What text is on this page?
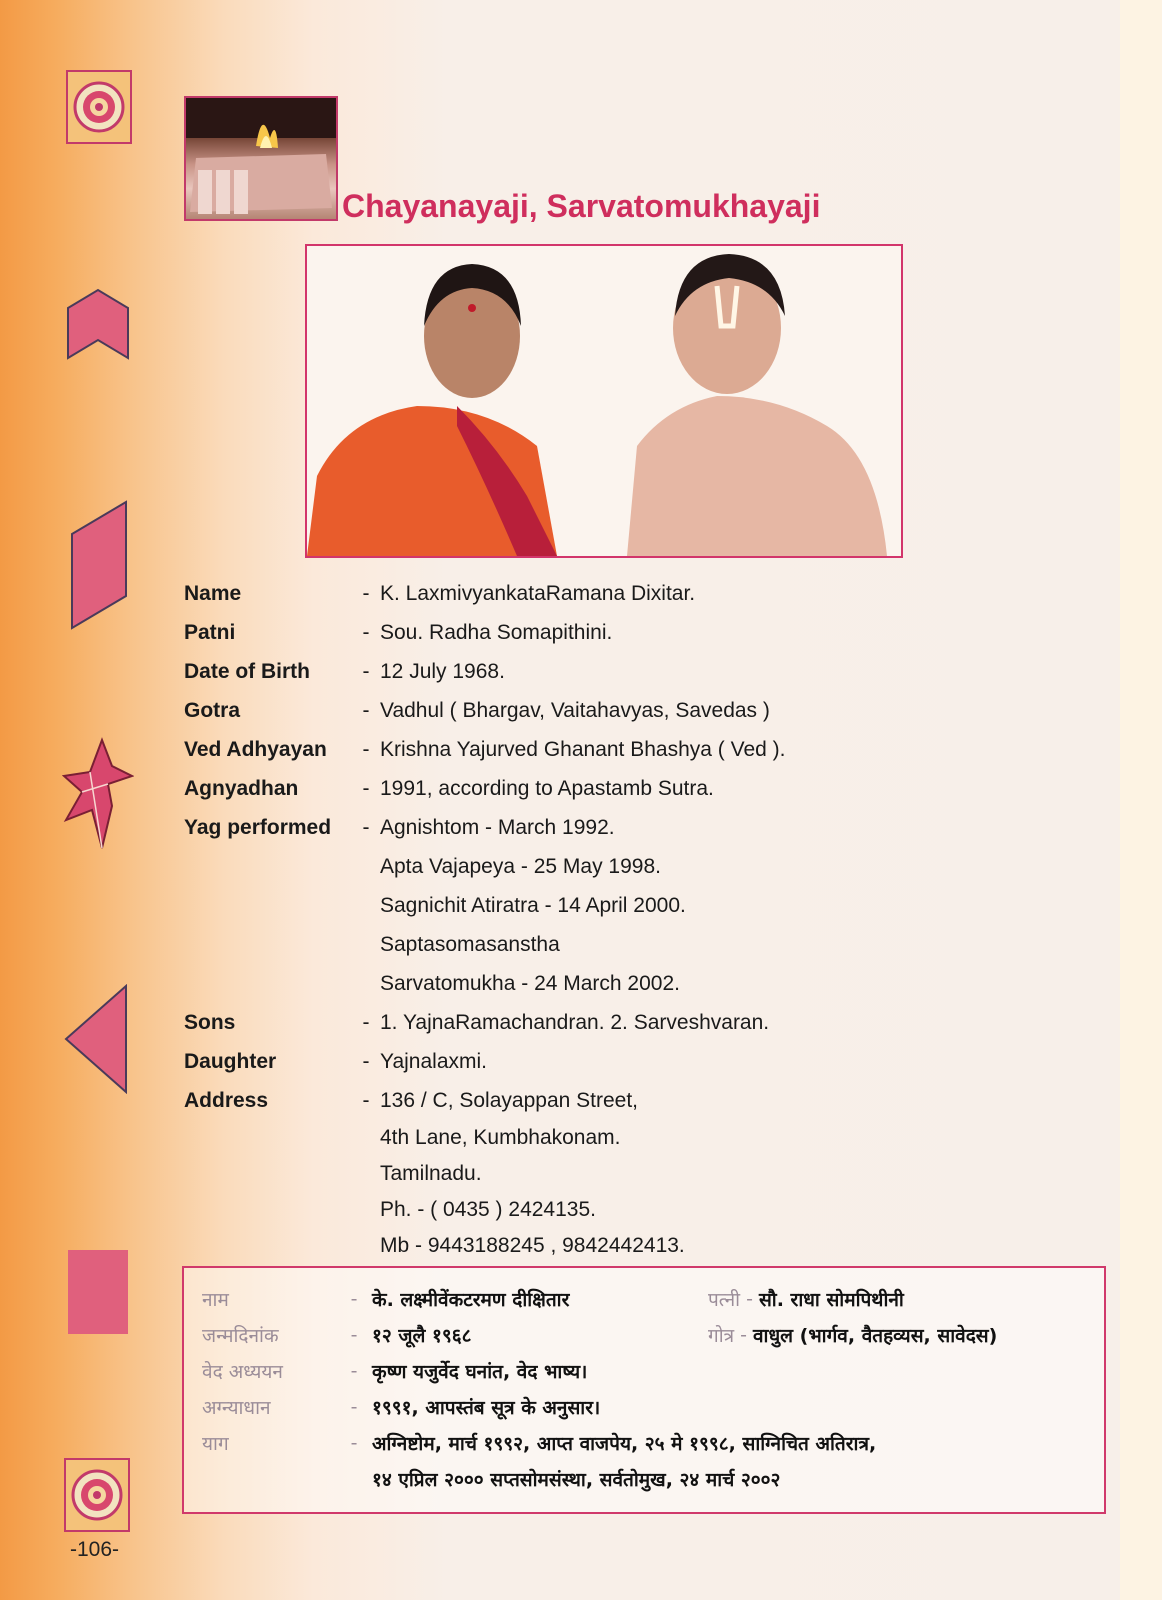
Chayanayaji, Sarvatomukhayaji
Name	- K. LaxmivyankataRamana Dixitar.
Patni	- Sou. Radha Somapithini.
Date of Birth	- 12 July 1968.
Gotra	- Vadhul ( Bhargav, Vaitahavyas, Savedas )
Ved Adhyayan	- Krishna Yajurved Ghanant Bhashya ( Ved ).
Agnyadhan	- 1991, according to Apastamb Sutra.
Yag performed	- Agnishtom - March 1992.
Apta Vajapeya - 25 May 1998.
Sagnichit Atiratra - 14 April 2000.
Saptasomasanstha
Sarvatomukha - 24 March 2002.
Sons	- 1. YajnaRamachandran. 2. Sarveshvaran.
Daughter	- Yajnalaxmi.
Address	- 136 / C, Solayappan Street,
4th Lane, Kumbhakonam.
Tamilnadu.
Ph. - ( 0435 ) 2424135.
Mb - 9443188245 , 9842442413.
नाम	- के. लक्ष्मीवेंकटरमण दीक्षितार	पत्नी - सौ. राधा सोमपिथीनी
जन्मदिनांक	- १२ जूलै १९६८	गोत्र - वाधुल (भार्गव, वैतहव्यस, सावेदस)
वेद अध्ययन	- कृष्ण यजुर्वेद घनांत, वेद भाष्य।
अग्न्याधान	- १९९१, आपस्तंब सूत्र के अनुसार।
याग	- अग्निष्टोम, मार्च १९९२, आप्त वाजपेय, २५ मे १९९८, साग्निचित अतिरात्र,
१४ एप्रिल २००० सप्तसोमसंस्था, सर्वतोमुख, २४ मार्च २००२
-106-
